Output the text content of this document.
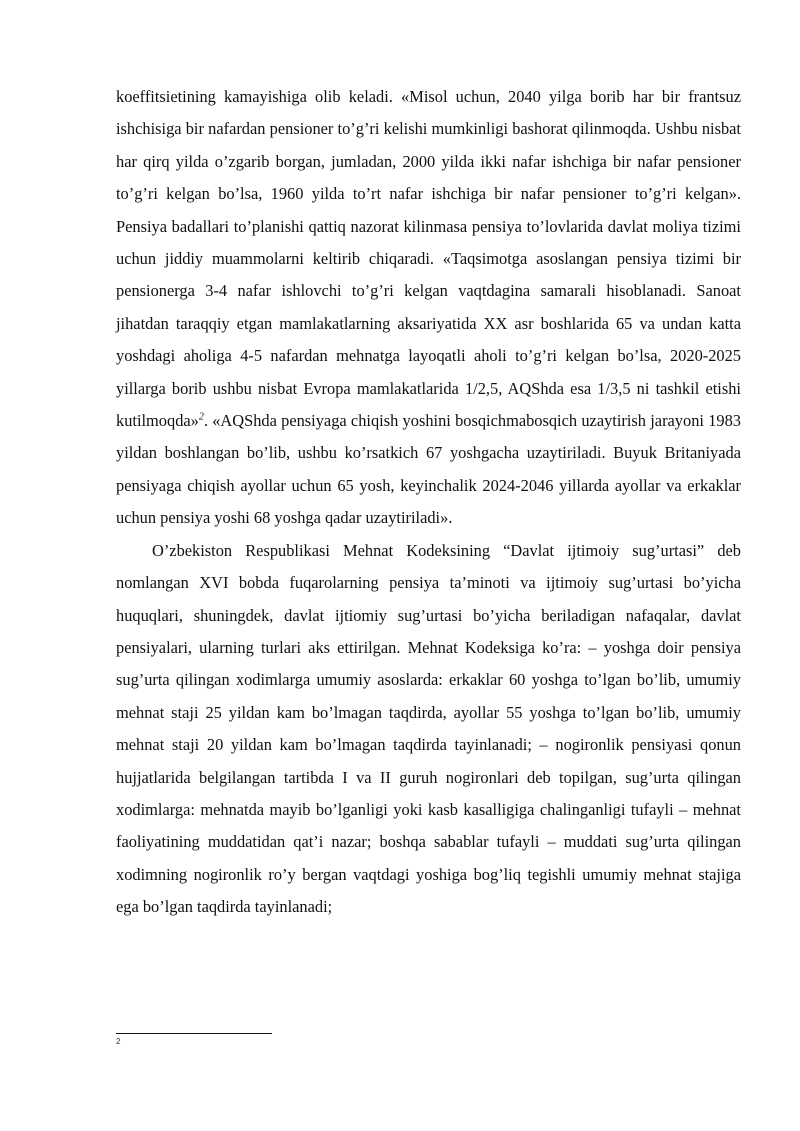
koeffitsietining kamayishiga olib keladi. «Misol uchun, 2040 yilga borib har bir frantsuz ishchisiga bir nafardan pensioner to’g’ri kelishi mumkinligi bashorat qilinmoqda. Ushbu nisbat har qirq yilda o’zgarib borgan, jumladan, 2000 yilda ikki nafar ishchiga bir nafar pensioner to’g’ri kelgan bo’lsa, 1960 yilda to’rt nafar ishchiga bir nafar pensioner to’g’ri kelgan». Pensiya badallari to’planishi qattiq nazorat kilinmasa pensiya to’lovlarida davlat moliya tizimi uchun jiddiy muammolarni keltirib chiqaradi. «Taqsimotga asoslangan pensiya tizimi bir pensionerga 3-4 nafar ishlovchi to’g’ri kelgan vaqtdagina samarali hisoblanadi. Sanoat jihatdan taraqqiy etgan mamlakatlarning aksariyatida XX asr boshlarida 65 va undan katta yoshdagi aholiga 4-5 nafardan mehnatga layoqatli aholi to’g’ri kelgan bo’lsa, 2020-2025 yillarga borib ushbu nisbat Evropa mamlakatlarida 1/2,5, AQShda esa 1/3,5 ni tashkil etishi kutilmoqda»$^2$. «AQShda pensiyaga chiqish yoshini bosqichmabosqich uzaytirish jarayoni 1983 yildan boshlangan bo’lib, ushbu ko’rsatkich 67 yoshgacha uzaytiriladi. Buyuk Britaniyada pensiyaga chiqish ayollar uchun 65 yosh, keyinchalik 2024-2046 yillarda ayollar va erkaklar uchun pensiya yoshi 68 yoshga qadar uzaytiriladi».

O’zbekiston Respublikasi Mehnat Kodeksining “Davlat ijtimoiy sug’urtasi” deb nomlangan XVI bobda fuqarolarning pensiya ta’minoti va ijtimoiy sug’urtasi bo’yicha huquqlari, shuningdek, davlat ijtiomiy sug’urtasi bo’yicha beriladigan nafaqalar, davlat pensiyalari, ularning turlari aks ettirilgan. Mehnat Kodeksiga ko’ra: – yoshga doir pensiya sug’urta qilingan xodimlarga umumiy asoslarda: erkaklar 60 yoshga to’lgan bo’lib, umumiy mehnat staji 25 yildan kam bo’lmagan taqdirda, ayollar 55 yoshga to’lgan bo’lib, umumiy mehnat staji 20 yildan kam bo’lmagan taqdirda tayinlanadi; – nogironlik pensiyasi qonun hujjatlarida belgilangan tartibda I va II guruh nogironlari deb topilgan, sug’urta qilingan xodimlarga: mehnatda mayib bo’lganligi yoki kasb kasalligiga chalinganligi tufayli – mehnat faoliyatining muddatidan qat’i nazar; boshqa sabablar tufayli – muddati sug’urta qilingan xodimning nogironlik ro’y bergan vaqtdagi yoshiga bog’liq tegishli umumiy mehnat stajiga ega bo’lgan taqdirda tayinlanadi;

2
